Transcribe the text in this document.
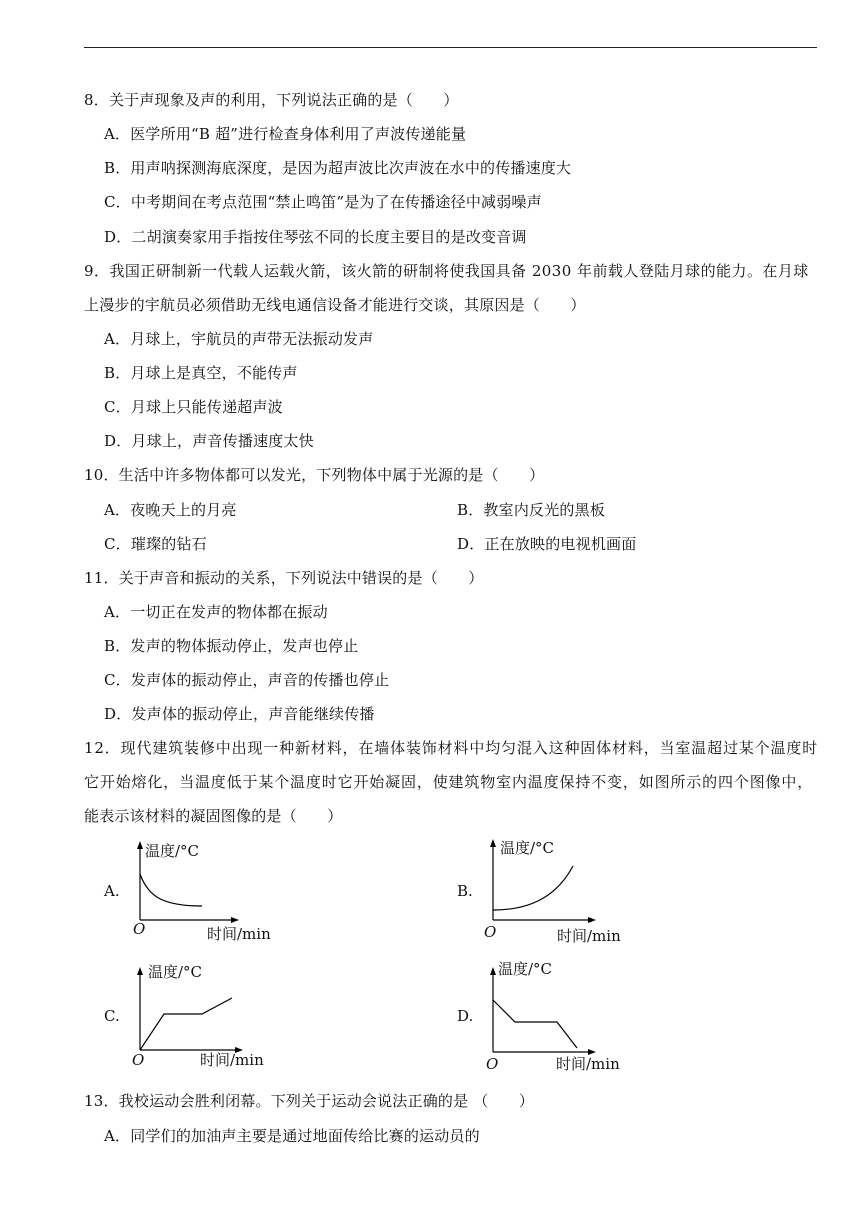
8．关于声现象及声的利用，下列说法正确的是（　　）
A．医学所用“B 超”进行检查身体利用了声波传递能量
B．用声呐探测海底深度，是因为超声波比次声波在水中的传播速度大
C．中考期间在考点范围“禁止鸣笛”是为了在传播途径中减弱噪声
D．二胡演奏家用手指按住琴弦不同的长度主要目的是改变音调
9．我国正研制新一代载人运载火箭，该火箭的研制将使我国具备 2030 年前载人登陆月球的能力。在月球
上漫步的宇航员必须借助无线电通信设备才能进行交谈，其原因是（　　）
A．月球上，宇航员的声带无法振动发声
B．月球上是真空，不能传声
C．月球上只能传递超声波
D．月球上，声音传播速度太快
10．生活中许多物体都可以发光，下列物体中属于光源的是（　　）
A．夜晚天上的月亮	B．教室内反光的黑板
C．璀璨的钻石	D．正在放映的电视机画面
11．关于声音和振动的关系，下列说法中错误的是（　　）
A．一切正在发声的物体都在振动
B．发声的物体振动停止，发声也停止
C．发声体的振动停止，声音的传播也停止
D．发声体的振动停止，声音能继续传播
12．现代建筑装修中出现一种新材料，在墙体装饰材料中均匀混入这种固体材料，当室温超过某个温度时
它开始熔化，当温度低于某个温度时它开始凝固，使建筑物室内温度保持不变，如图所示的四个图像中，
能表示该材料的凝固图像的是（　　）
A.
温度/°C
O	时间/min
B.
温度/°C
O	时间/min
C.
温度/°C
O	时间/min
D.
温度/°C
O	时间/min
13．我校运动会胜利闭幕。下列关于运动会说法正确的是 （　　）
A．同学们的加油声主要是通过地面传给比赛的运动员的
